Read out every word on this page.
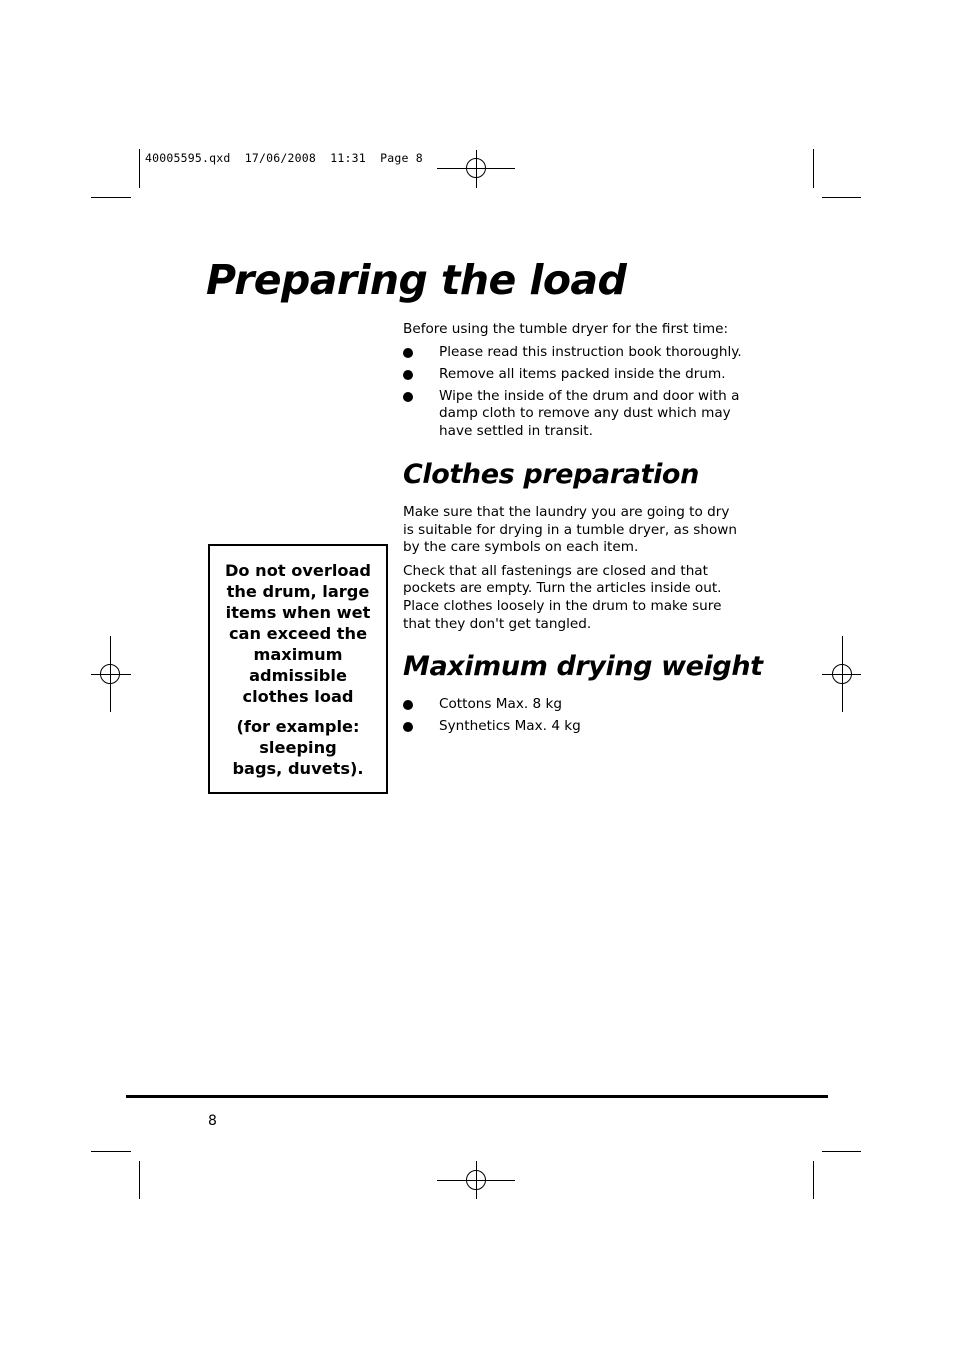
40005595.qxd  17/06/2008  11:31  Page 8
Preparing the load

Before using the tumble dryer for the first time:

Please read this instruction book thoroughly.
Remove all items packed inside the drum.
Wipe the inside of the drum and door with a damp cloth to remove any dust which may have settled in transit.
Clothes preparation

Make sure that the laundry you are going to dry is suitable for drying in a tumble dryer, as shown by the care symbols on each item.

Check that all fastenings are closed and that pockets are empty. Turn the articles inside out. Place clothes loosely in the drum to make sure that they don't get tangled.

Maximum drying weight
Cottons Max. 8 kg
Synthetics Max. 4 kg

Do not overload the drum, large items when wet can exceed the maximum admissible clothes load

(for example: sleeping bags, duvets).

8
